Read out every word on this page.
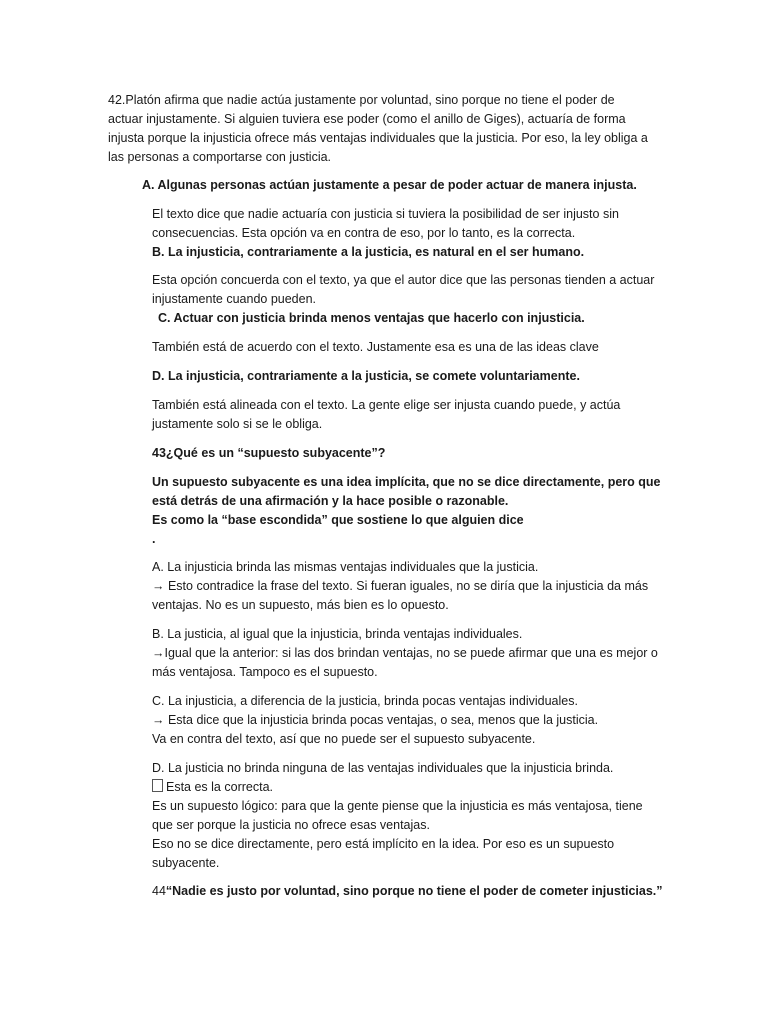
42.Platón afirma que nadie actúa justamente por voluntad, sino porque no tiene el poder de
actuar injustamente. Si alguien tuviera ese poder (como el anillo de Giges), actuaría de forma
injusta porque la injusticia ofrece más ventajas individuales que la justicia. Por eso, la ley obliga a
las personas a comportarse con justicia.

A. Algunas personas actúan justamente a pesar de poder actuar de manera injusta.

El texto dice que nadie actuaría con justicia si tuviera la posibilidad de ser injusto sin
consecuencias. Esta opción va en contra de eso, por lo tanto, es la correcta.

B. La injusticia, contrariamente a la justicia, es natural en el ser humano.

Esta opción concuerda con el texto, ya que el autor dice que las personas tienden a actuar
injustamente cuando pueden.

C. Actuar con justicia brinda menos ventajas que hacerlo con injusticia.

También está de acuerdo con el texto. Justamente esa es una de las ideas clave

D. La injusticia, contrariamente a la justicia, se comete voluntariamente.

También está alineada con el texto. La gente elige ser injusta cuando puede, y actúa
justamente solo si se le obliga.

43¿Qué es un “supuesto subyacente”?

Un supuesto subyacente es una idea implícita, que no se dice directamente, pero que
está detrás de una afirmación y la hace posible o razonable.
Es como la “base escondida” que sostiene lo que alguien dice
.

A. La injusticia brinda las mismas ventajas individuales que la justicia.
→ Esto contradice la frase del texto. Si fueran iguales, no se diría que la injusticia da más
ventajas. No es un supuesto, más bien es lo opuesto.

B. La justicia, al igual que la injusticia, brinda ventajas individuales.
→Igual que la anterior: si las dos brindan ventajas, no se puede afirmar que una es mejor o
más ventajosa. Tampoco es el supuesto.

C. La injusticia, a diferencia de la justicia, brinda pocas ventajas individuales.
→ Esta dice que la injusticia brinda pocas ventajas, o sea, menos que la justicia.
Va en contra del texto, así que no puede ser el supuesto subyacente.

D. La justicia no brinda ninguna de las ventajas individuales que la injusticia brinda.
Esta es la correcta.
Es un supuesto lógico: para que la gente piense que la injusticia es más ventajosa, tiene
que ser porque la justicia no ofrece esas ventajas.
Eso no se dice directamente, pero está implícito en la idea. Por eso es un supuesto
subyacente.

44“Nadie es justo por voluntad, sino porque no tiene el poder de cometer injusticias.”
